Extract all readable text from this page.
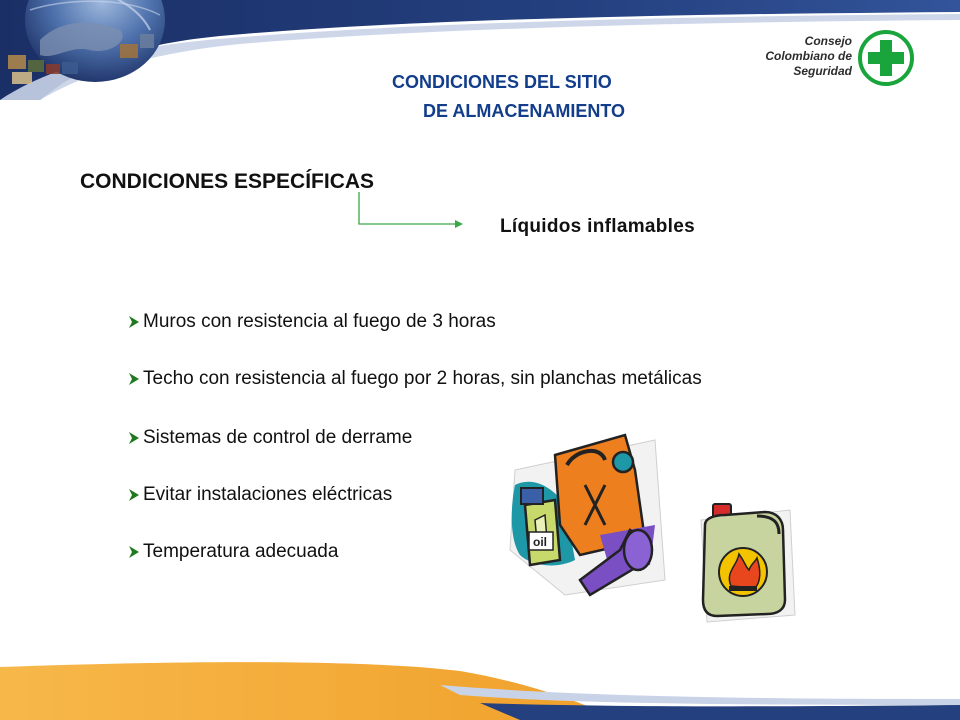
Consejo
Colombiano de
Seguridad
CONDICIONES DEL SITIO
DE ALMACENAMIENTO
CONDICIONES ESPECÍFICAS
Líquidos inflamables
Muros con resistencia al fuego de 3 horas
Techo con resistencia al fuego por 2 horas, sin planchas metálicas
Sistemas de control de derrame
Evitar instalaciones eléctricas
Temperatura adecuada	oil
